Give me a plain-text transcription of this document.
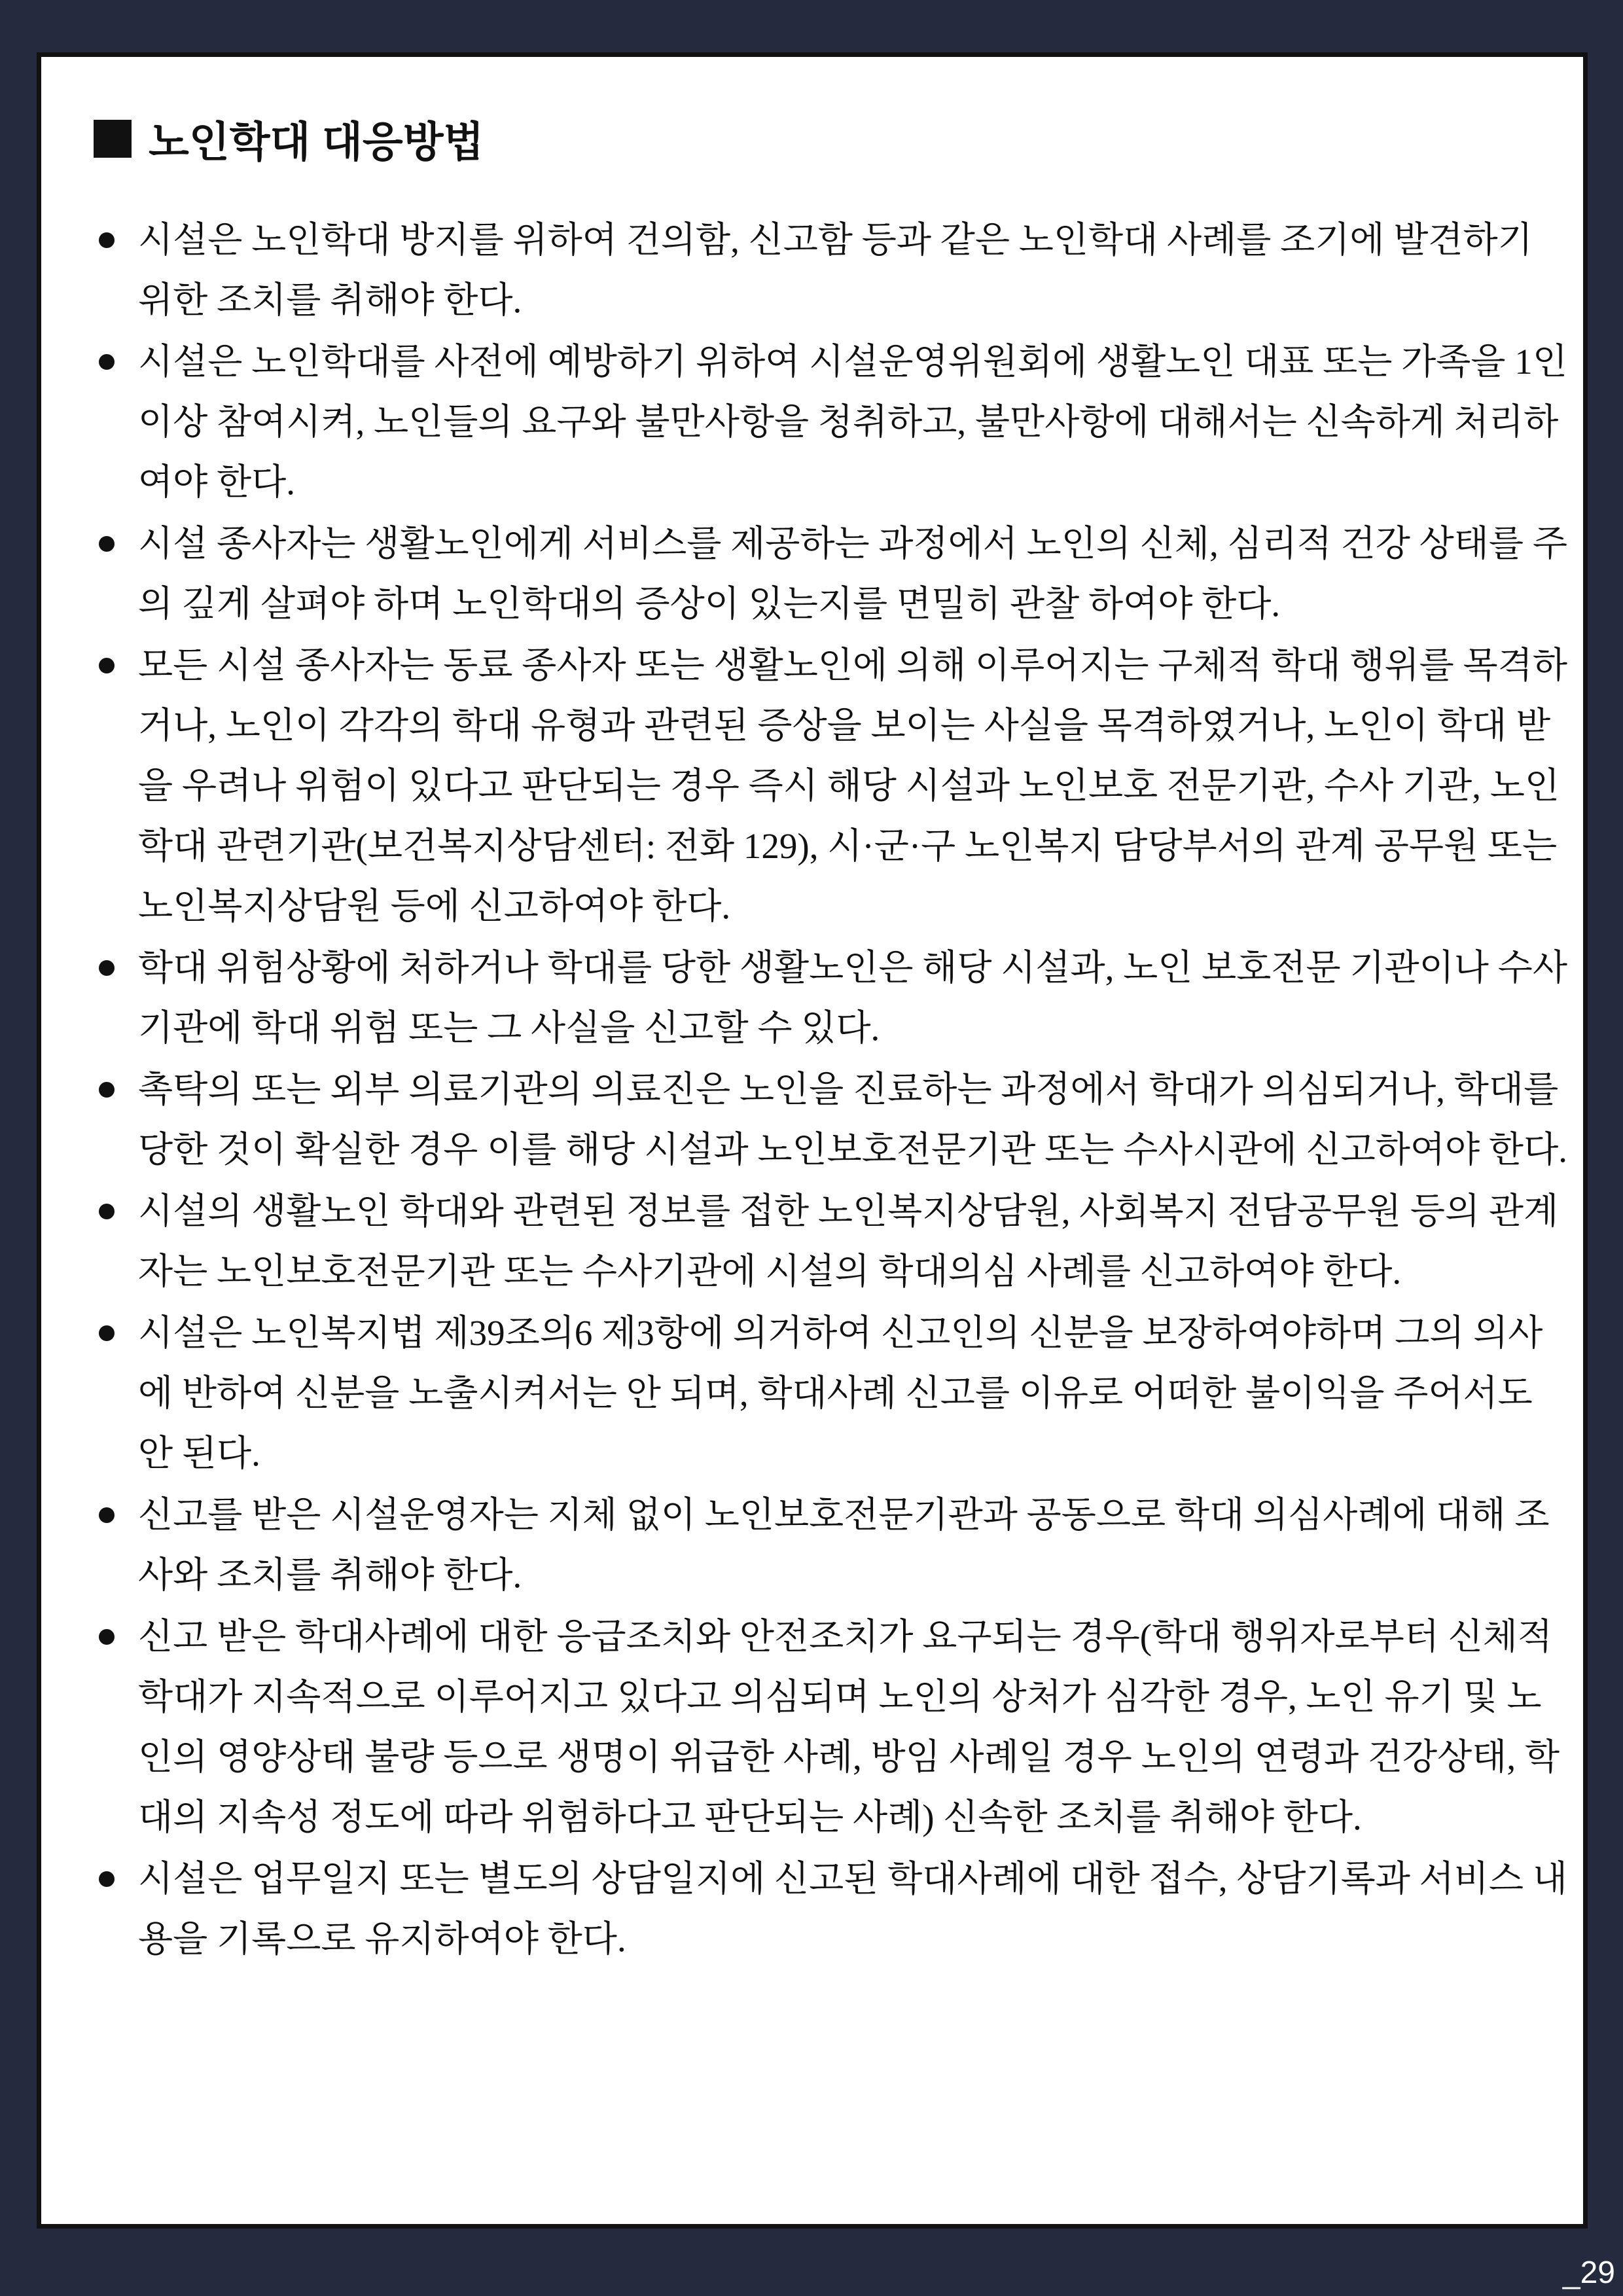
노인학대 대응방법
시설은 노인학대 방지를 위하여 건의함, 신고함 등과 같은 노인학대 사례를 조기에 발견하기 위한 조치를 취해야 한다.
시설은 노인학대를 사전에 예방하기 위하여 시설운영위원회에 생활노인 대표 또는 가족을 1인 이상 참여시켜, 노인들의 요구와 불만사항을 청취하고, 불만사항에 대해서는 신속하게 처리하여야 한다.
시설 종사자는 생활노인에게 서비스를 제공하는 과정에서 노인의 신체, 심리적 건강 상태를 주의 깊게 살펴야 하며 노인학대의 증상이 있는지를 면밀히 관찰 하여야 한다.
모든 시설 종사자는 동료 종사자 또는 생활노인에 의해 이루어지는 구체적 학대 행위를 목격하거나, 노인이 각각의 학대 유형과 관련된 증상을 보이는 사실을 목격하였거나, 노인이 학대 받을 우려나 위험이 있다고 판단되는 경우 즉시 해당 시설과 노인보호 전문기관, 수사 기관, 노인학대 관련기관(보건복지상담센터: 전화 129), 시·군·구 노인복지 담당부서의 관계 공무원 또는 노인복지상담원 등에 신고하여야 한다.
학대 위험상황에 처하거나 학대를 당한 생활노인은 해당 시설과, 노인 보호전문 기관이나 수사기관에 학대 위험 또는 그 사실을 신고할 수 있다.
촉탁의 또는 외부 의료기관의 의료진은 노인을 진료하는 과정에서 학대가 의심되거나, 학대를 당한 것이 확실한 경우 이를 해당 시설과 노인보호전문기관 또는 수사시관에 신고하여야 한다.
시설의 생활노인 학대와 관련된 정보를 접한 노인복지상담원, 사회복지 전담공무원 등의 관계자는 노인보호전문기관 또는 수사기관에 시설의 학대의심 사례를 신고하여야 한다.
시설은 노인복지법 제39조의6 제3항에 의거하여 신고인의 신분을 보장하여야하며 그의 의사에 반하여 신분을 노출시켜서는 안 되며, 학대사례 신고를 이유로 어떠한 불이익을 주어서도 안 된다.
신고를 받은 시설운영자는 지체 없이 노인보호전문기관과 공동으로 학대 의심사례에 대해 조사와 조치를 취해야 한다.
신고 받은 학대사례에 대한 응급조치와 안전조치가 요구되는 경우(학대 행위자로부터 신체적 학대가 지속적으로 이루어지고 있다고 의심되며 노인의 상처가 심각한 경우, 노인 유기 및 노인의 영양상태 불량 등으로 생명이 위급한 사례, 방임 사례일 경우 노인의 연령과 건강상태, 학대의 지속성 정도에 따라 위험하다고 판단되는 사례) 신속한 조치를 취해야 한다.
시설은 업무일지 또는 별도의 상담일지에 신고된 학대사례에 대한 접수, 상담기록과 서비스 내용을 기록으로 유지하여야 한다.
_29
